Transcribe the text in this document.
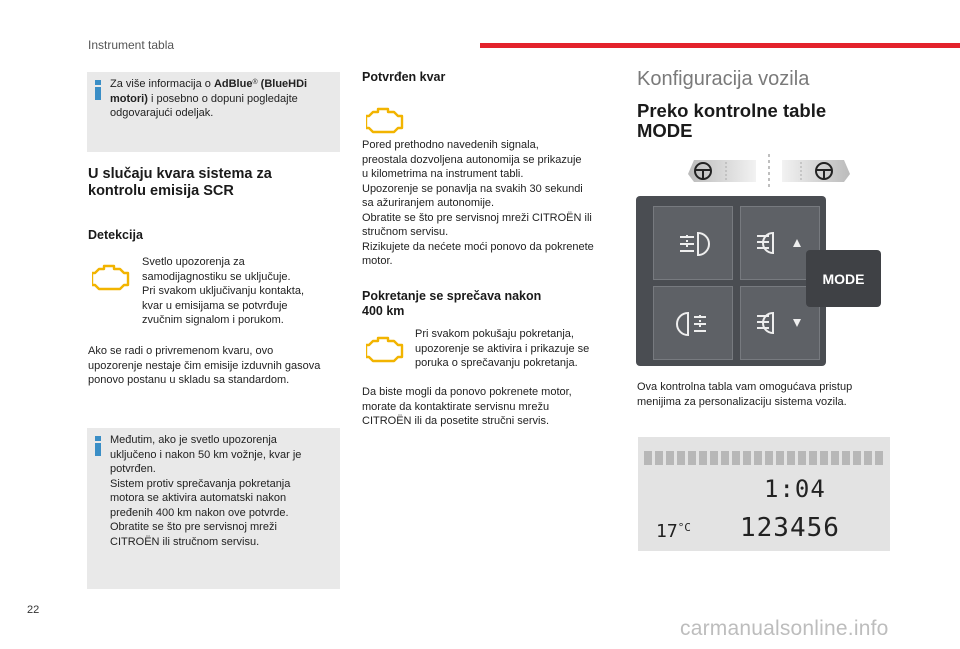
Instrument tabla
Za više informacija o AdBlue® (BlueHDi motori) i posebno o dopuni pogledajte odgovarajući odeljak.
U slučaju kvara sistema za kontrolu emisija SCR
Detekcija

Svetlo upozorenja za

samodijagnostiku se uključuje.

Pri svakom uključivanju kontakta,

kvar u emisijama se potvrđuje

zvučnim signalom i porukom.

Ako se radi o privremenom kvaru, ovo

upozorenje nestaje čim emisije izduvnih gasova

ponovo postanu u skladu sa standardom.

Međutim, ako je svetlo upozorenja

uključeno i nakon 50 km vožnje, kvar je

potvrđen.

Sistem protiv sprečavanja pokretanja

motora se aktivira automatski nakon

pređenih 400 km nakon ove potvrde.

Obratite se što pre servisnoj mreži

CITROËN ili stručnom servisu.

Potvrđen kvar

Pored prethodno navedenih signala,

preostala dozvoljena autonomija se prikazuje

u kilometrima na instrument tabli.

Upozorenje se ponavlja na svakih 30 sekundi

sa ažuriranjem autonomije.

Obratite se što pre servisnoj mreži CITROËN ili

stručnom servisu.

Rizikujete da nećete moći ponovo da pokrenete

motor.

Pokretanje se sprečava nakon
400 km

Pri svakom pokušaju pokretanja,

upozorenje se aktivira i prikazuje se

poruka o sprečavanju pokretanja.

Da biste mogli da ponovo pokrenete motor,

morate da kontaktirate servisnu mrežu

CITROËN ili da posetite stručni servis.

Konfiguracija vozila
Preko kontrolne table
MODE
MODE

Ova kontrolna tabla vam omogućava pristup

menijima za personalizaciju sistema vozila.

1:04
$17^{^\circ C}$ 123456
22
carmanualsonline.info
